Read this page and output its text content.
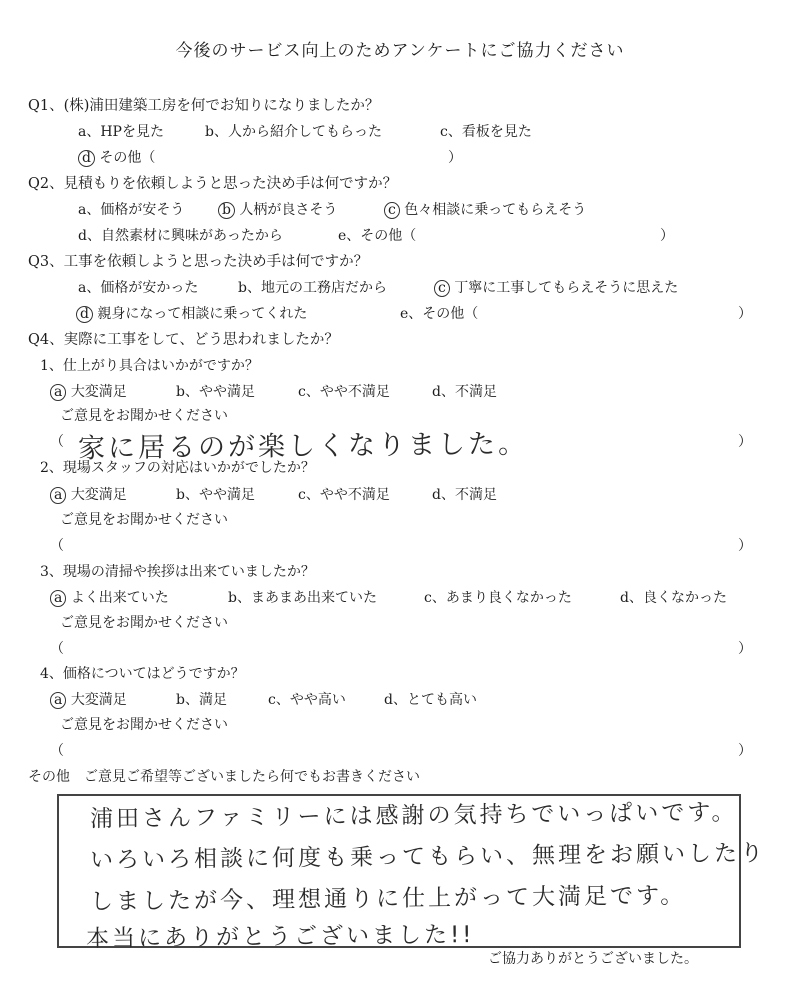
今後のサービス向上のためアンケートにご協力ください
Q1、(株)浦田建築工房を何でお知りになりましたか？
a、HPを見た	b、人から紹介してもらった	c、看板を見た
d その他（	）
Q2、見積もりを依頼しようと思った決め手は何ですか？
a、価格が安そう	b 人柄が良さそう	c 色々相談に乗ってもらえそう
d、自然素材に興味があったから	e、その他（	）
Q3、工事を依頼しようと思った決め手は何ですか？
a、価格が安かった	b、地元の工務店だから	c 丁寧に工事してもらえそうに思えた
d 親身になって相談に乗ってくれた	e、その他（	）
Q4、実際に工事をして、どう思われましたか？
1、仕上がり具合はいかがですか？
a 大変満足	b、やや満足	c、やや不満足	d、不満足
ご意見をお聞かせください
（ 家に居るのが楽しくなりました。	）
2、現場スタッフの対応はいかがでしたか？
a 大変満足	b、やや満足	c、やや不満足	d、不満足
ご意見をお聞かせください
（	）
3、現場の清掃や挨拶は出来ていましたか？
a よく出来ていた	b、まあまあ出来ていた	c、あまり良くなかった	d、良くなかった
ご意見をお聞かせください
（	）
4、価格についてはどうですか？
a 大変満足	b、満足	c、やや高い	d、とても高い
ご意見をお聞かせください
（	）
その他　ご意見ご希望等ございましたら何でもお書きください
浦田さんファミリーには感謝の気持ちでいっぱいです。
いろいろ相談に何度も乗ってもらい、無理をお願いしたり
しましたが今、理想通りに仕上がって大満足です。
本当にありがとうございました!!
ご協力ありがとうございました。
